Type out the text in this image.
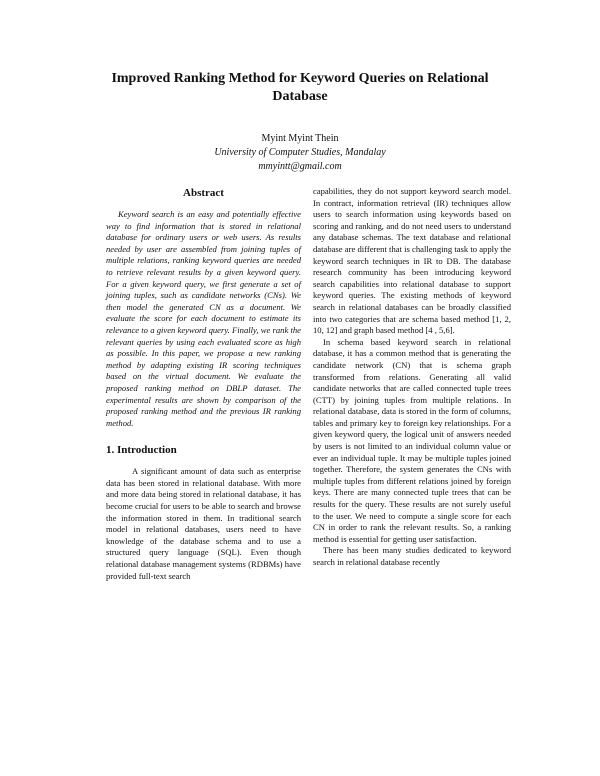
Improved Ranking Method for Keyword Queries on Relational Database
Myint Myint Thein
University of Computer Studies, Mandalay
mmyintt@gmail.com
Abstract

Keyword search is an easy and potentially effective way to find information that is stored in relational database for ordinary users or web users. As results needed by user are assembled from joining tuples of multiple relations, ranking keyword queries are needed to retrieve relevant results by a given keyword query. For a given keyword query, we first generate a set of joining tuples, such as candidate networks (CNs). We then model the generated CN as a document. We evaluate the score for each document to estimate its relevance to a given keyword query. Finally, we rank the relevant queries by using each evaluated score as high as possible. In this paper, we propose a new ranking method by adapting existing IR scoring techniques based on the virtual document. We evaluate the proposed ranking method on DBLP dataset. The experimental results are shown by comparison of the proposed ranking method and the previous IR ranking method.

1. Introduction

A significant amount of data such as enterprise data has been stored in relational database. With more and more data being stored in relational database, it has become crucial for users to be able to search and browse the information stored in them. In traditional search model in relational databases, users need to have knowledge of the database schema and to use a structured query language (SQL). Even though relational database management systems (RDBMs) have provided full-text search

capabilities, they do not support keyword search model. In contract, information retrieval (IR) techniques allow users to search information using keywords based on scoring and ranking, and do not need users to understand any database schemas. The text database and relational database are different that is challenging task to apply the keyword search techniques in IR to DB. The database research community has been introducing keyword search capabilities into relational database to support keyword queries. The existing methods of keyword search in relational databases can be broadly classified into two categories that are schema based method [1, 2, 10, 12] and graph based method [4 , 5,6].

In schema based keyword search in relational database, it has a common method that is generating the candidate network (CN) that is schema graph transformed from relations. Generating all valid candidate networks that are called connected tuple trees (CTT) by joining tuples from multiple relations. In relational database, data is stored in the form of columns, tables and primary key to foreign key relationships. For a given keyword query, the logical unit of answers needed by users is not limited to an individual column value or ever an individual tuple. It may be multiple tuples joined together. Therefore, the system generates the CNs with multiple tuples from different relations joined by foreign keys. There are many connected tuple trees that can be results for the query. These results are not surely useful to the user. We need to compute a single score for each CN in order to rank the relevant results. So, a ranking method is essential for getting user satisfaction.

There has been many studies dedicated to keyword search in relational database recently
